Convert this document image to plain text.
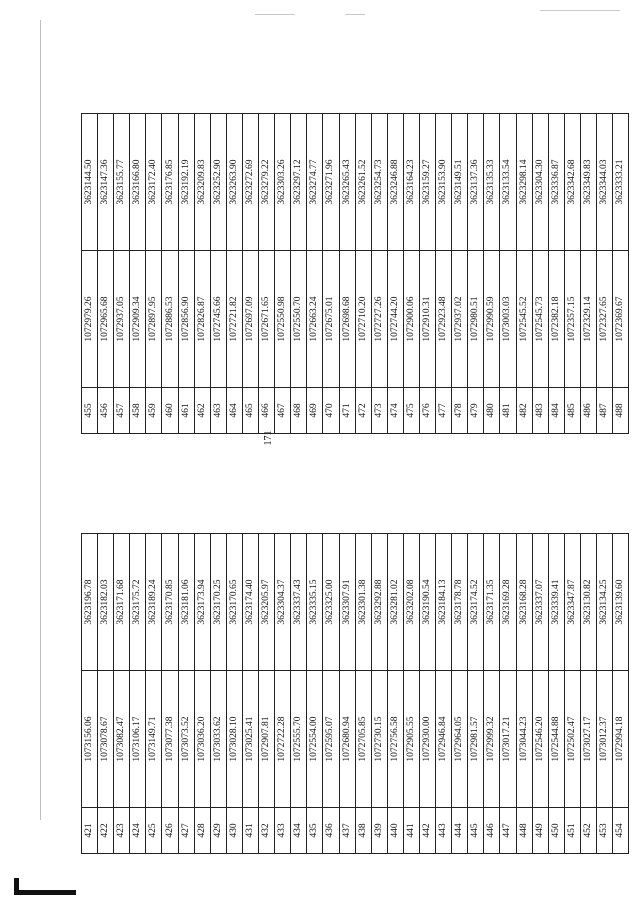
171
421	1073156.06	3623196.78
422	1073078.67	3623182.03
423	1073082.47	3623171.68
424	1073106.17	3623175.72
425	1073149.71	3623189.24
426	1073077.38	3623170.85
427	1073073.52	3623181.06
428	1073036.20	3623173.94
429	1073033.62	3623170.25
430	1073028.10	3623170.65
431	1073025.41	3623174.40
432	1072907.81	3623205.97
433	1072722.28	3623304.37
434	1072555.70	3623337.43
435	1072554.00	3623335.15
436	1072595.07	3623325.00
437	1072680.94	3623307.91
438	1072705.85	3623301.38
439	1072730.15	3623292.88
440	1072756.58	3623281.02
441	1072905.55	3623202.08
442	1072930.00	3623190.54
443	1072946.84	3623184.13
444	1072964.05	3623178.78
445	1072981.57	3623174.52
446	1072999.32	3623171.35
447	1073017.21	3623169.28
448	1073044.23	3623168.28
449	1072546.20	3623337.07
450	1072544.88	3623339.41
451	1072502.47	3623347.87
452	1073027.17	3623130.82
453	1073012.37	3623134.25
454	1072994.18	3623139.60
455	1072979.26	3623144.50
456	1072965.68	3623147.36
457	1072937.05	3623155.77
458	1072909.34	3623166.80
459	1072897.95	3623172.40
460	1072886.53	3623176.85
461	1072856.90	3623192.19
462	1072826.87	3623209.83
463	1072745.66	3623252.90
464	1072721.82	3623263.90
465	1072697.09	3623272.69
466	1072671.65	3623279.22
467	1072550.98	3623303.26
468	1072550.70	3623297.12
469	1072663.24	3623274.77
470	1072675.01	3623271.96
471	1072698.68	3623265.43
472	1072710.20	3623261.52
473	1072727.26	3623254.73
474	1072744.20	3623246.88
475	1072900.06	3623164.23
476	1072910.31	3623159.27
477	1072923.48	3623153.90
478	1072937.02	3623149.51
479	1072980.51	3623137.36
480	1072990.59	3623135.33
481	1073003.03	3623133.54
482	1072545.52	3623298.14
483	1072545.73	3623304.30
484	1072382.18	3623336.87
485	1072357.15	3623342.68
486	1072329.14	3623349.83
487	1072327.65	3623344.03
488	1072369.67	3623333.21
